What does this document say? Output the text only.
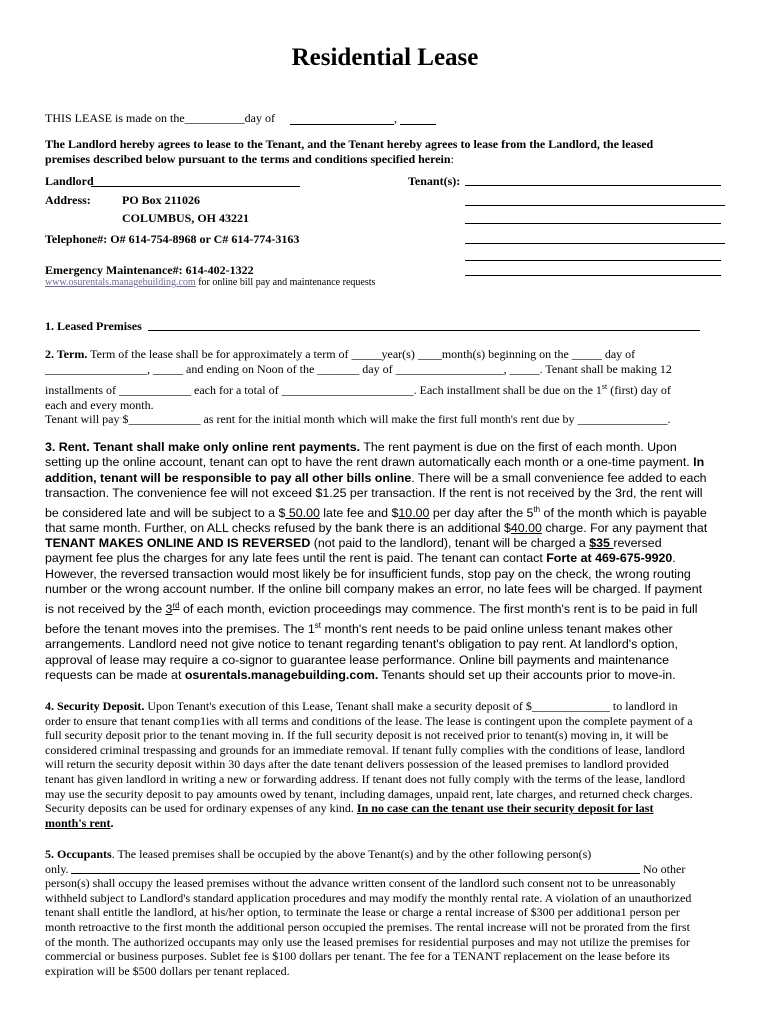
Residential Lease
THIS LEASE is made on the__________day of	,
The Landlord hereby agrees to lease to the Tenant, and the Tenant hereby agrees to lease from the Landlord, the leased
premises described below pursuant to the terms and conditions specified herein:
Landlord	Tenant(s):
Address:	PO Box 211026
COLUMBUS, OH 43221
Telephone#: O# 614-754-8968 or C# 614-774-3163
Emergency Maintenance#: 614-402-1322
www.osurentals.managebuilding.com for online bill pay and maintenance requests
1. Leased Premises
2. Term. Term of the lease shall be for approximately a term of _____year(s) ____month(s) beginning on the _____ day of
_________________, _____ and ending on Noon of the _______ day of __________________, _____. Tenant shall be making 12
installments of ____________ each for a total of ______________________. Each installment shall be due on the 1st (first) day of
each and every month.
Tenant will pay $____________ as rent for the initial month which will make the first full month's rent due by _______________.
3. Rent. Tenant shall make only online rent payments. The rent payment is due on the first of each month. Upon
setting up the online account, tenant can opt to have the rent drawn automatically each month or a one-time payment. In
addition, tenant will be responsible to pay all other bills online. There will be a small convenience fee added to each
transaction. The convenience fee will not exceed $1.25 per transaction. If the rent is not received by the 3rd, the rent will
be considered late and will be subject to a $ 50.00 late fee and $10.00 per day after the 5th of the month which is payable
that same month. Further, on ALL checks refused by the bank there is an additional $40.00 charge. For any payment that
TENANT MAKES ONLINE AND IS REVERSED (not paid to the landlord), tenant will be charged a $35 reversed
payment fee plus the charges for any late fees until the rent is paid. The tenant can contact Forte at 469-675-9920.
However, the reversed transaction would most likely be for insufficient funds, stop pay on the check, the wrong routing
number or the wrong account number. If the online bill company makes an error, no late fees will be charged. If payment
is not received by the 3rd of each month, eviction proceedings may commence. The first month's rent is to be paid in full
before the tenant moves into the premises. The 1st month's rent needs to be paid online unless tenant makes other
arrangements. Landlord need not give notice to tenant regarding tenant's obligation to pay rent. At landlord's option,
approval of lease may require a co-signor to guarantee lease performance. Online bill payments and maintenance
requests can be made at osurentals.managebuilding.com. Tenants should set up their accounts prior to move-in.
4. Security Deposit. Upon Tenant's execution of this Lease, Tenant shall make a security deposit of $_____________ to landlord in
order to ensure that tenant comp1ies with all terms and conditions of the lease. The lease is contingent upon the complete payment of a
full security deposit prior to the tenant moving in. If the full security deposit is not received prior to tenant(s) moving in, it will be
considered criminal trespassing and grounds for an immediate removal. If tenant fully complies with the conditions of lease, landlord
will return the security deposit within 30 days after the date tenant delivers possession of the leased premises to landlord provided
tenant has given landlord in writing a new or forwarding address. If tenant does not fully comply with the terms of the lease, landlord
may use the security deposit to pay amounts owed by tenant, including damages, unpaid rent, late charges, and returned check charges.
Security deposits can be used for ordinary expenses of any kind. In no case can the tenant use their security deposit for last
month's rent.
5. Occupants. The leased premises shall be occupied by the above Tenant(s) and by the other following person(s)
only.	No other
person(s) shall occupy the leased premises without the advance written consent of the landlord such consent not to be unreasonably
withheld subject to Landlord's standard application procedures and may modify the monthly rental rate. A violation of an unauthorized
tenant shall entitle the landlord, at his/her option, to terminate the lease or charge a rental increase of $300 per additiona1 person per
month retroactive to the first month the additional person occupied the premises. The rental increase will not be prorated from the first
of the month. The authorized occupants may only use the leased premises for residential purposes and may not utilize the premises for
commercial or business purposes. Sublet fee is $100 dollars per tenant. The fee for a TENANT replacement on the lease before its
expiration will be $500 dollars per tenant replaced.
